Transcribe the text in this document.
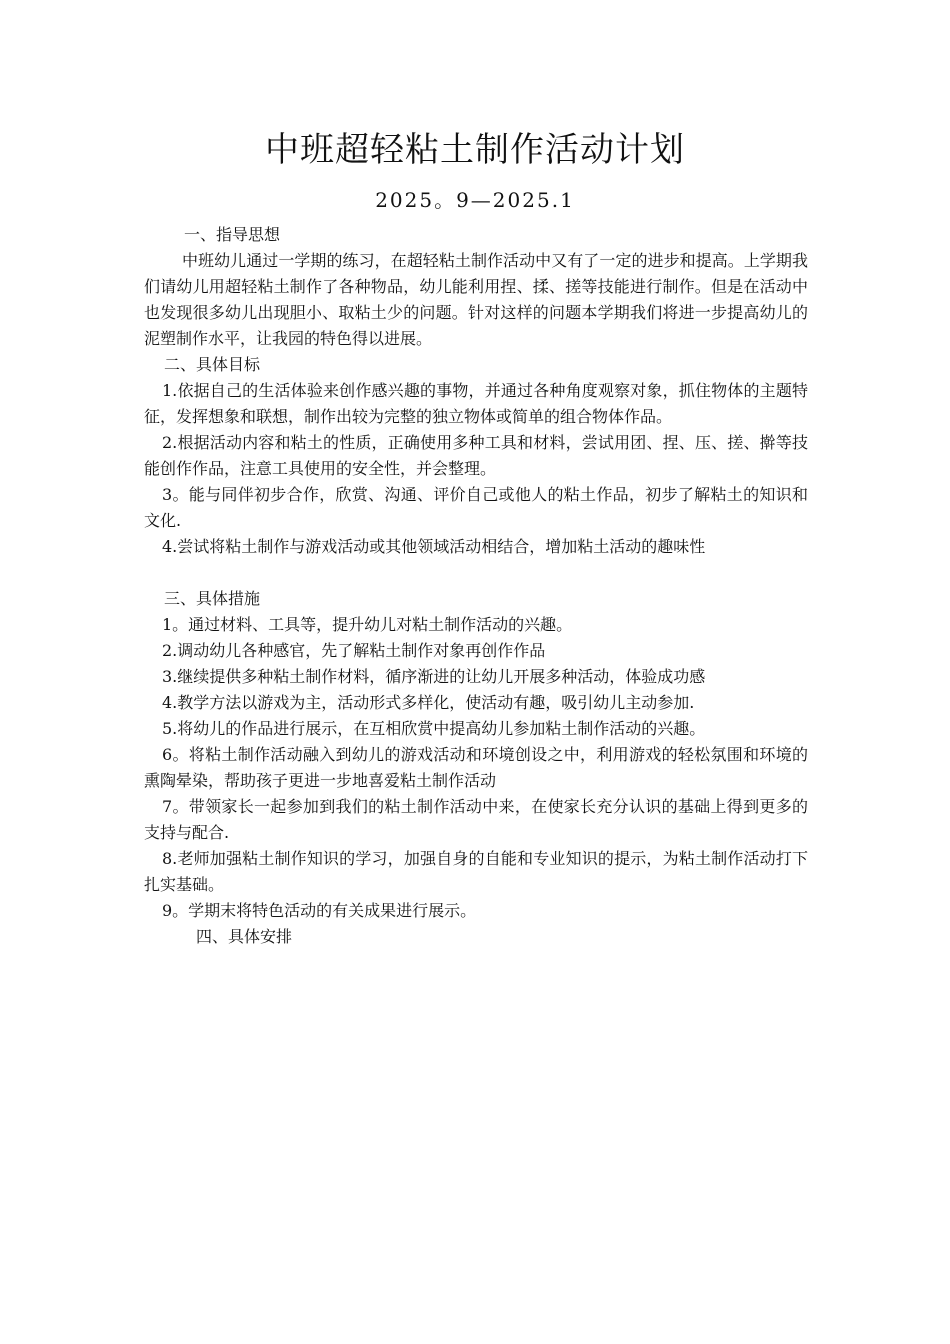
中班超轻粘土制作活动计划
2025。9—2025.1

一、指导思想

中班幼儿通过一学期的练习，在超轻粘土制作活动中又有了一定的进步和提高。上学期我们请幼儿用超轻粘土制作了各种物品，幼儿能利用捏、揉、搓等技能进行制作。但是在活动中也发现很多幼儿出现胆小、取粘土少的问题。针对这样的问题本学期我们将进一步提高幼儿的泥塑制作水平，让我园的特色得以进展。

二、具体目标

1.依据自己的生活体验来创作感兴趣的事物，并通过各种角度观察对象，抓住物体的主题特征，发挥想象和联想，制作出较为完整的独立物体或简单的组合物体作品。

2.根据活动内容和粘土的性质，正确使用多种工具和材料，尝试用团、捏、压、搓、擀等技能创作作品，注意工具使用的安全性，并会整理。

3。能与同伴初步合作，欣赏、沟通、评价自己或他人的粘土作品，初步了解粘土的知识和文化.

4.尝试将粘土制作与游戏活动或其他领域活动相结合，增加粘土活动的趣味性

三、具体措施

1。通过材料、工具等，提升幼儿对粘土制作活动的兴趣。

2.调动幼儿各种感官，先了解粘土制作对象再创作作品

3.继续提供多种粘土制作材料，循序渐进的让幼儿开展多种活动，体验成功感

4.教学方法以游戏为主，活动形式多样化，使活动有趣，吸引幼儿主动参加.

5.将幼儿的作品进行展示，在互相欣赏中提高幼儿参加粘土制作活动的兴趣。

6。将粘土制作活动融入到幼儿的游戏活动和环境创设之中，利用游戏的轻松氛围和环境的熏陶晕染，帮助孩子更进一步地喜爱粘土制作活动

7。带领家长一起参加到我们的粘土制作活动中来，在使家长充分认识的基础上得到更多的支持与配合.

8.老师加强粘土制作知识的学习，加强自身的自能和专业知识的提示，为粘土制作活动打下扎实基础。

9。学期末将特色活动的有关成果进行展示。

四、具体安排
